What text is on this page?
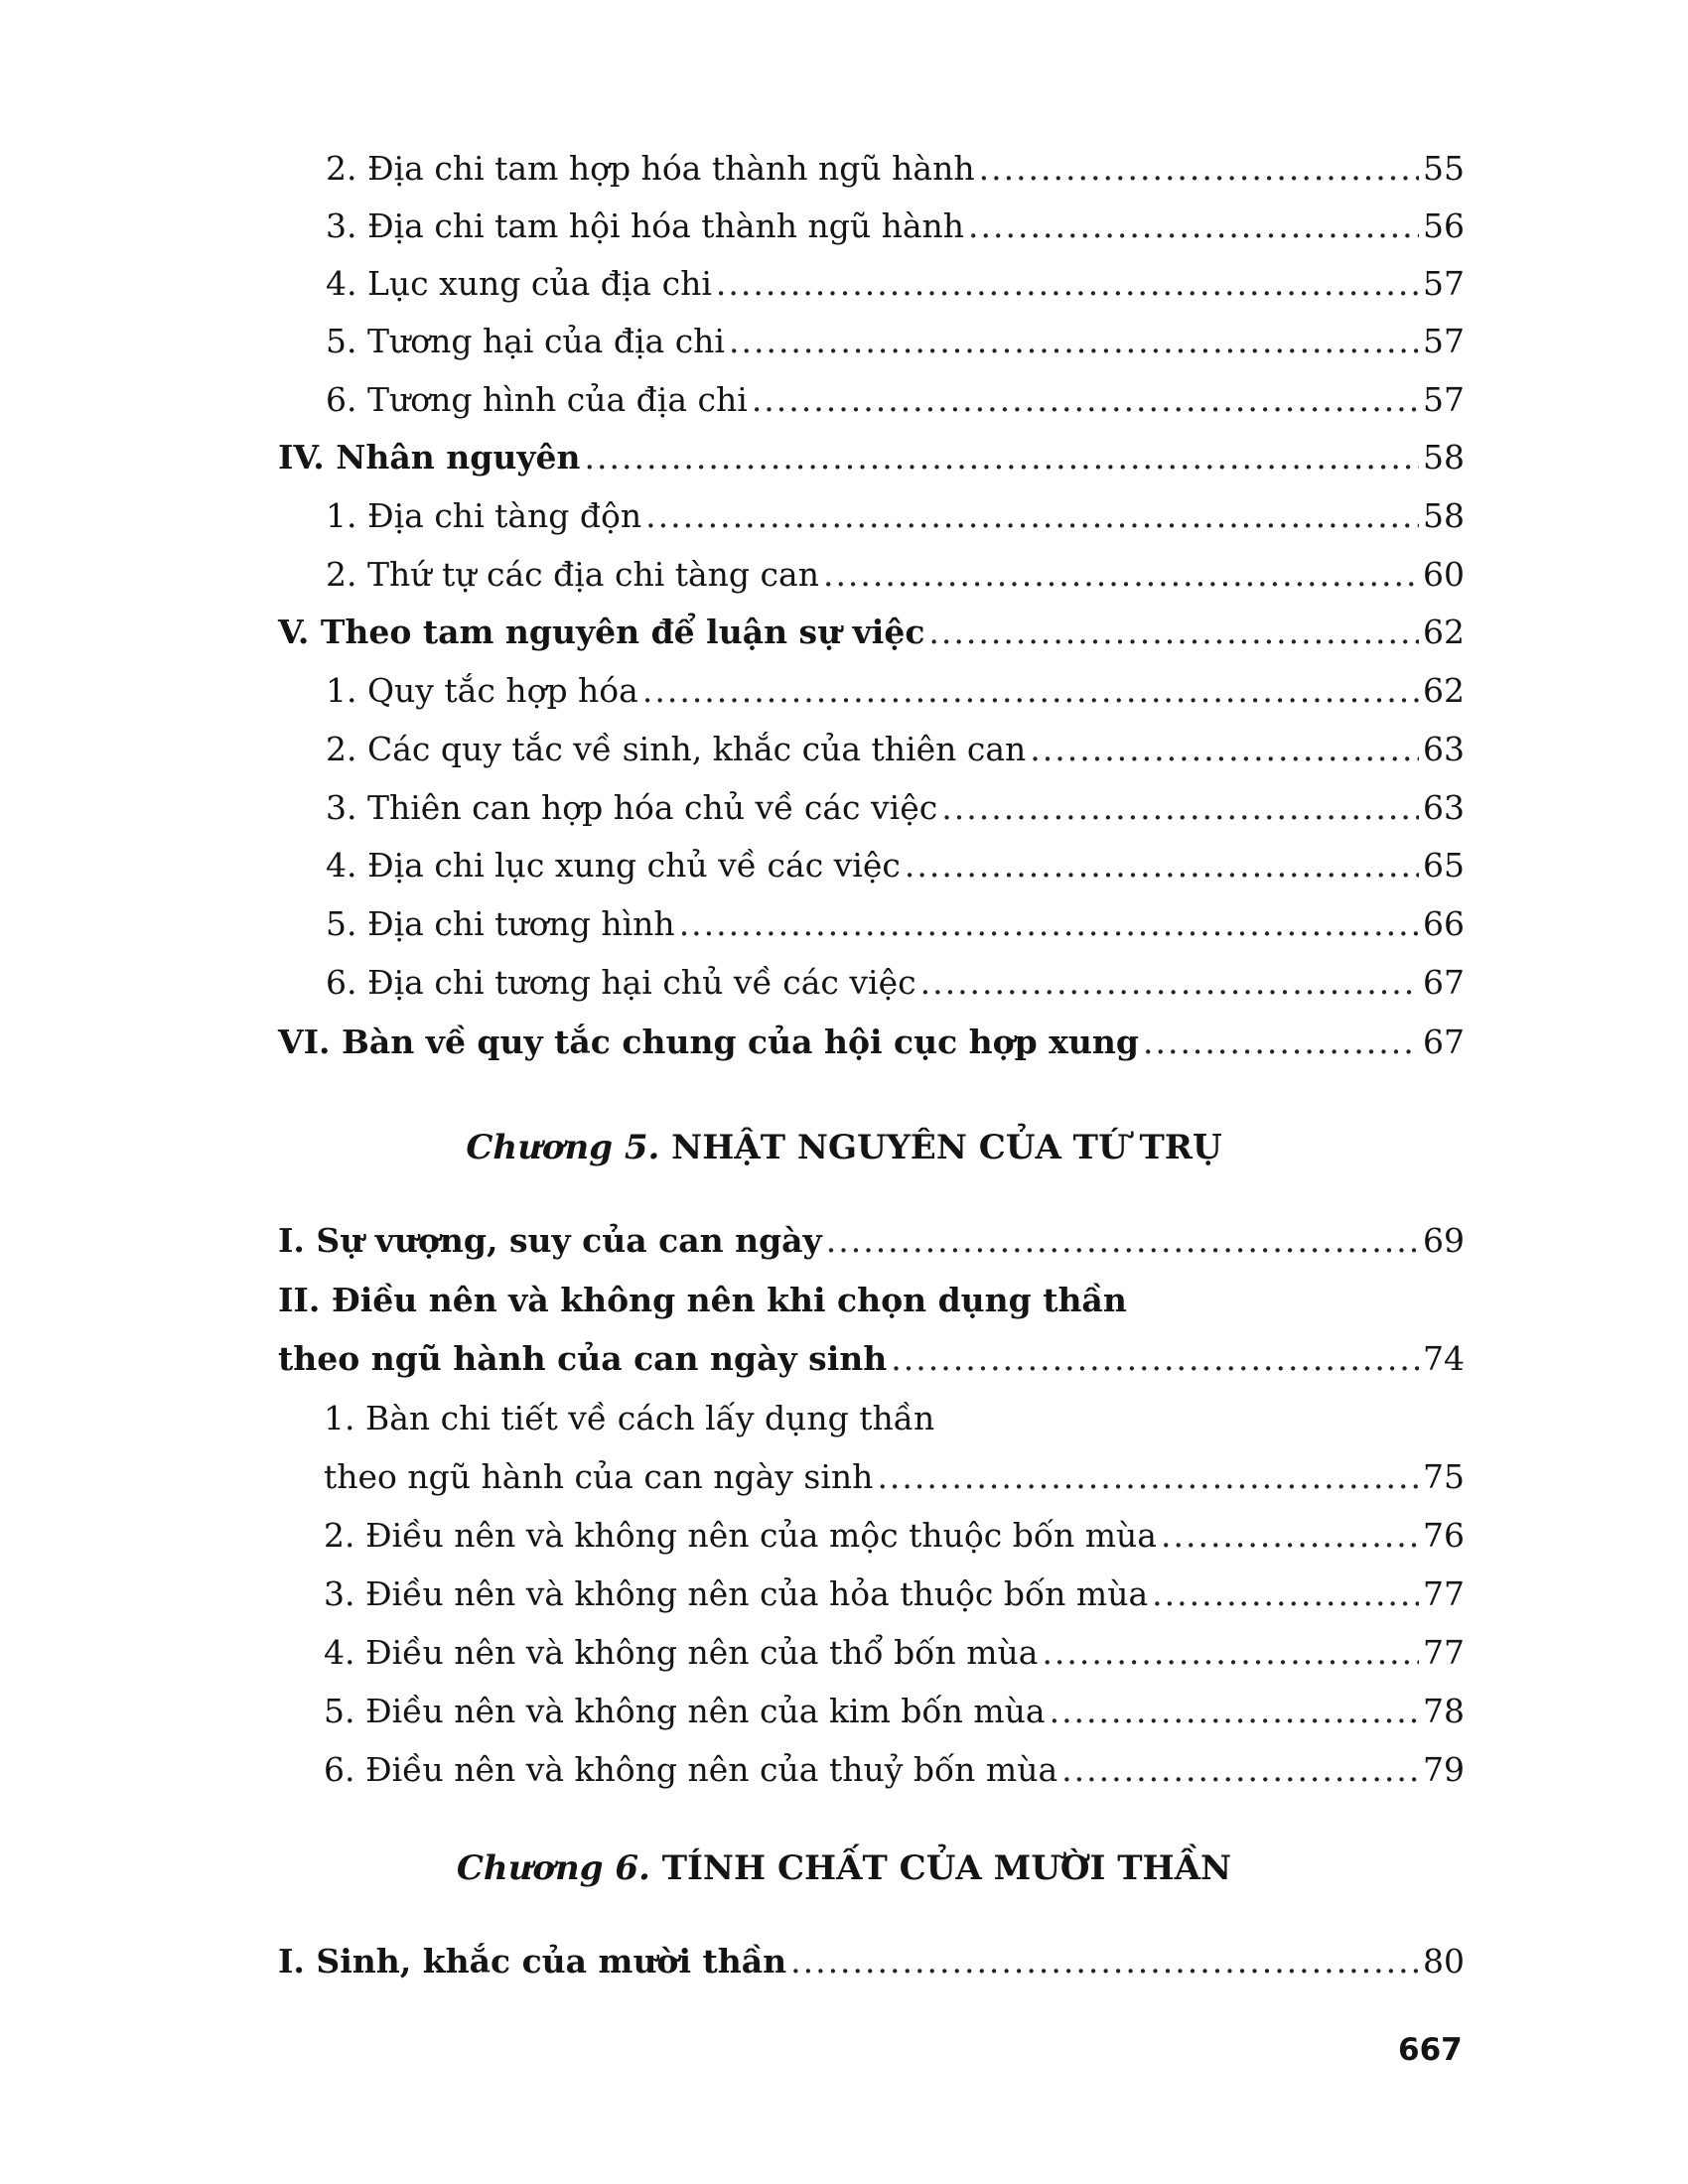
2. Địa chi tam hợp hóa thành ngũ hành .....	55
3. Địa chi tam hội hóa thành ngũ hành .....	56
4. Lục xung của địa chi .....	57
5. Tương hại của địa chi .....	57
6. Tương hình của địa chi .....	57
IV. Nhân nguyên .....	58
1. Địa chi tàng độn .....	58
2. Thứ tự các địa chi tàng can .....	60
V. Theo tam nguyên để luận sự việc .....	62
1. Quy tắc hợp hóa .....	62
2. Các quy tắc về sinh, khắc của thiên can .....	63
3. Thiên can hợp hóa chủ về các việc .....	63
4. Địa chi lục xung chủ về các việc .....	65
5. Địa chi tương hình .....	66
6. Địa chi tương hại chủ về các việc .....	67
VI. Bàn về quy tắc chung của hội cục hợp xung .....	67
Chương 5. NHẬT NGUYÊN CỦA TỨ TRỤ
I. Sự vượng, suy của can ngày .....	69
II. Điều nên và không nên khi chọn dụng thần
theo ngũ hành của can ngày sinh .....	74
1. Bàn chi tiết về cách lấy dụng thần
theo ngũ hành của can ngày sinh .....	75
2. Điều nên và không nên của mộc thuộc bốn mùa .....	76
3. Điều nên và không nên của hỏa thuộc bốn mùa .....	77
4. Điều nên và không nên của thổ bốn mùa .....	77
5. Điều nên và không nên của kim bốn mùa .....	78
6. Điều nên và không nên của thuỷ bốn mùa .....	79
Chương 6. TÍNH CHẤT CỦA MƯỜI THẦN
I. Sinh, khắc của mười thần .....	80
667
